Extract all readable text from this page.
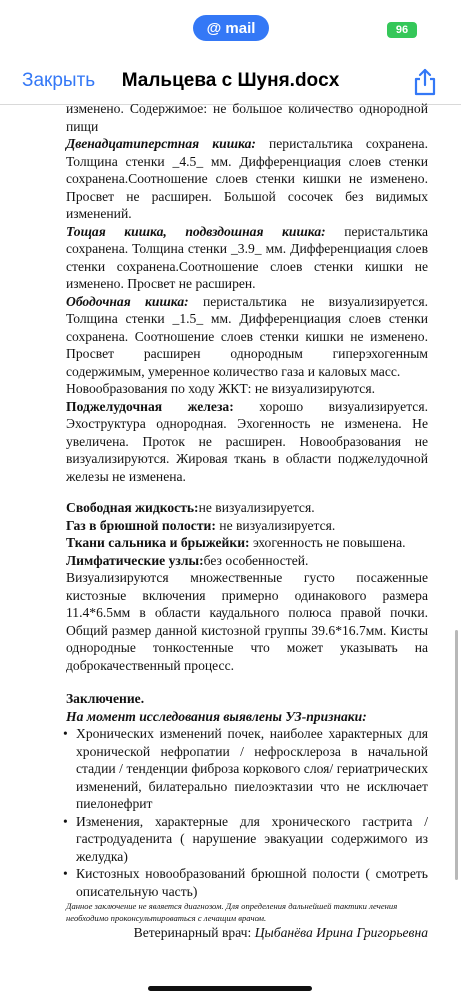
@ mail	96
Закрыть	Мальцева с Шуня.docx

изменено. Содержимое: не большое количество однородной пищи

Двенадцатиперстная кишка: перистальтика сохранена. Толщина стенки _4.5_ мм. Дифференциация слоев стенки сохранена.Соотношение слоев стенки кишки не изменено. Просвет не расширен. Большой сосочек без видимых изменений.

Тощая кишка, подвздошная кишка: перистальтика сохранена. Толщина стенки _3.9_ мм. Дифференциация слоев стенки сохранена.Соотношение слоев стенки кишки не изменено. Просвет не расширен.

Ободочная кишка: перистальтика не визуализируется. Толщина стенки _1.5_ мм. Дифференциация слоев стенки сохранена. Соотношение слоев стенки кишки не изменено. Просвет расширен однородным гиперэхогенным содержимым, умеренное количество газа и каловых масс.

Новообразования по ходу ЖКТ: не визуализируются.

Поджелудочная железа: хорошо визуализируется. Эхоструктура однородная. Эхогенность не изменена. Не увеличена. Проток не расширен. Новообразования не визуализируются. Жировая ткань в области поджелудочной железы не изменена.

Свободная жидкость:не визуализируется.

Газ в брюшной полости: не визуализируется.

Ткани сальника и брыжейки: эхогенность не повышена.

Лимфатические узлы:без особенностей.

Визуализируются множественные густо посаженные кистозные включения примерно одинакового размера 11.4*6.5мм в области каудального полюса правой почки. Общий размер данной кистозной группы 39.6*16.7мм. Кисты однородные тонкостенные что может указывать на доброкачественный процесс.

Заключение.

На момент исследования выявлены УЗ-признаки:

• Хронических изменений почек, наиболее характерных для хронической нефропатии / нефросклероза в начальной стадии / тенденции фиброза коркового слоя/ гериатрических изменений, билатерально пиелоэктазии что не исключает пиелонефрит
• Изменения, характерные для хронического гастрита / гастродуаденита ( нарушение эвакуации содержимого из желудка)
• Кистозных новообразований брюшной полости ( смотреть описательную часть)

Данное заключение не является диагнозом. Для определения дальнейшей тактики лечения необходимо проконсультироваться с лечащим врачом.

Ветеринарный врач: Цыбанёва Ирина Григорьевна
